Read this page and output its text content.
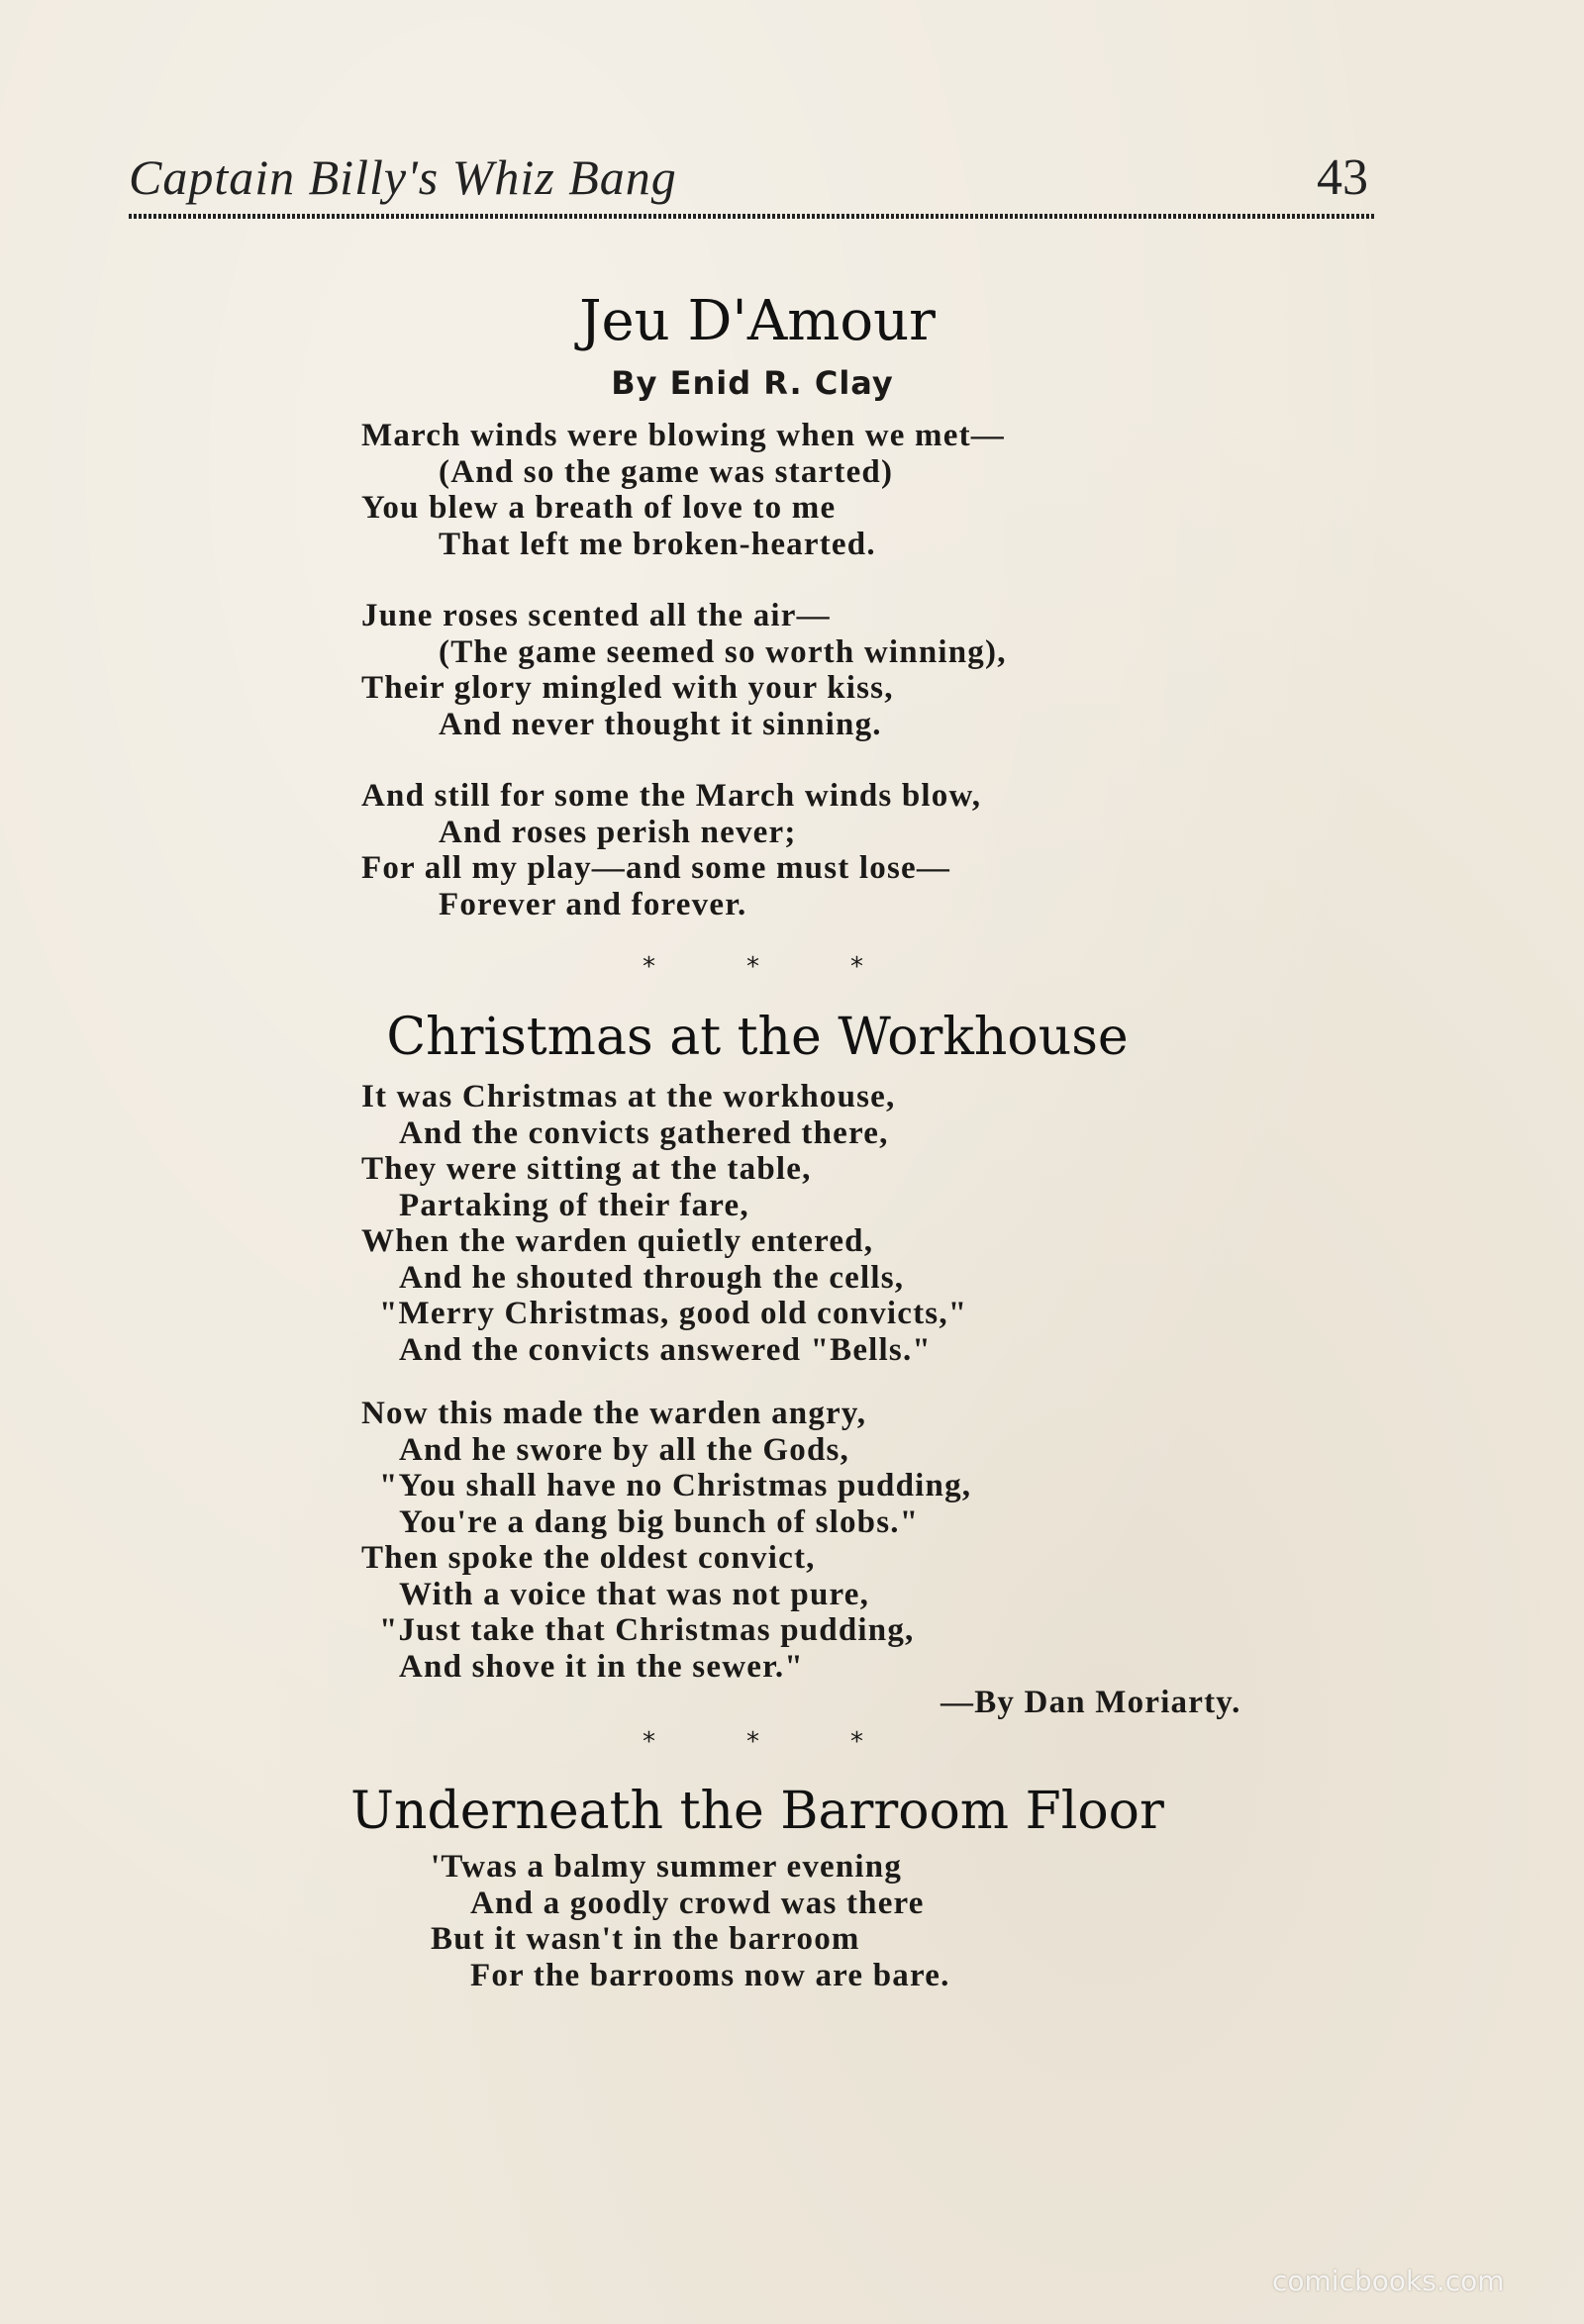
Captain Billy's Whiz Bang	43
Jeu D'Amour
By Enid R. Clay
March winds were blowing when we met—
(And so the game was started)
You blew a breath of love to me
That left me broken-hearted.
June roses scented all the air—
(The game seemed so worth winning),
Their glory mingled with your kiss,
And never thought it sinning.
And still for some the March winds blow,
And roses perish never;
For all my play—and some must lose—
Forever and forever.
*	*	*
Christmas at the Workhouse
It was Christmas at the workhouse,
And the convicts gathered there,
They were sitting at the table,
Partaking of their fare,
When the warden quietly entered,
And he shouted through the cells,
"Merry Christmas, good old convicts,"
And the convicts answered "Bells."
Now this made the warden angry,
And he swore by all the Gods,
"You shall have no Christmas pudding,
You're a dang big bunch of slobs."
Then spoke the oldest convict,
With a voice that was not pure,
"Just take that Christmas pudding,
And shove it in the sewer."
—By Dan Moriarty.
*	*	*
Underneath the Barroom Floor
'Twas a balmy summer evening
And a goodly crowd was there
But it wasn't in the barroom
For the barrooms now are bare.
comicbooks.com
